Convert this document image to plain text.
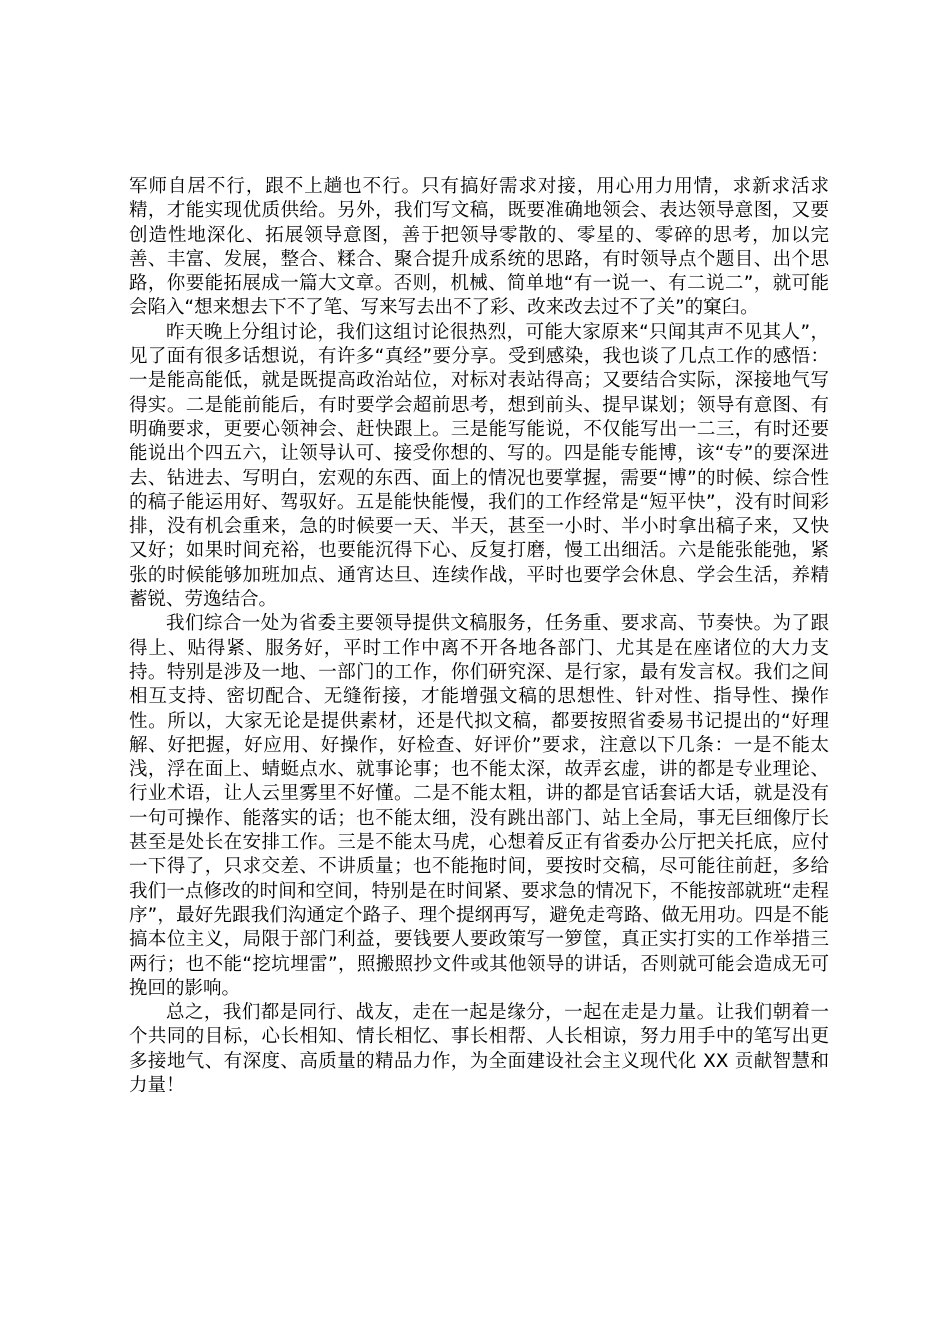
军师自居不行，跟不上趟也不行。只有搞好需求对接，用心用力用情，求新求活求精，才能实现优质供给。另外，我们写文稿，既要准确地领会、表达领导意图，又要创造性地深化、拓展领导意图，善于把领导零散的、零星的、零碎的思考，加以完善、丰富、发展，整合、糅合、聚合提升成系统的思路，有时领导点个题目、出个思路，你要能拓展成一篇大文章。否则，机械、简单地“有一说一、有二说二”，就可能会陷入“想来想去下不了笔、写来写去出不了彩、改来改去过不了关”的窠臼。

昨天晚上分组讨论，我们这组讨论很热烈，可能大家原来“只闻其声不见其人”，见了面有很多话想说，有许多“真经”要分享。受到感染，我也谈了几点工作的感悟：一是能高能低，就是既提高政治站位，对标对表站得高；又要结合实际，深接地气写得实。二是能前能后，有时要学会超前思考，想到前头、提早谋划；领导有意图、有明确要求，更要心领神会、赶快跟上。三是能写能说，不仅能写出一二三，有时还要能说出个四五六，让领导认可、接受你想的、写的。四是能专能博，该“专”的要深进去、钻进去、写明白，宏观的东西、面上的情况也要掌握，需要“博”的时候、综合性的稿子能运用好、驾驭好。五是能快能慢，我们的工作经常是“短平快”，没有时间彩排，没有机会重来，急的时候要一天、半天，甚至一小时、半小时拿出稿子来，又快又好；如果时间充裕，也要能沉得下心、反复打磨，慢工出细活。六是能张能弛，紧张的时候能够加班加点、通宵达旦、连续作战，平时也要学会休息、学会生活，养精蓄锐、劳逸结合。

我们综合一处为省委主要领导提供文稿服务，任务重、要求高、节奏快。为了跟得上、贴得紧、服务好，平时工作中离不开各地各部门、尤其是在座诸位的大力支持。特别是涉及一地、一部门的工作，你们研究深、是行家，最有发言权。我们之间相互支持、密切配合、无缝衔接，才能增强文稿的思想性、针对性、指导性、操作性。所以，大家无论是提供素材，还是代拟文稿，都要按照省委易书记提出的“好理解、好把握，好应用、好操作，好检查、好评价”要求，注意以下几条：一是不能太浅，浮在面上、蜻蜓点水、就事论事；也不能太深，故弄玄虚，讲的都是专业理论、行业术语，让人云里雾里不好懂。二是不能太粗，讲的都是官话套话大话，就是没有一句可操作、能落实的话；也不能太细，没有跳出部门、站上全局，事无巨细像厅长甚至是处长在安排工作。三是不能太马虎，心想着反正有省委办公厅把关托底，应付一下得了，只求交差、不讲质量；也不能拖时间，要按时交稿，尽可能往前赶，多给我们一点修改的时间和空间，特别是在时间紧、要求急的情况下，不能按部就班“走程序”，最好先跟我们沟通定个路子、理个提纲再写，避免走弯路、做无用功。四是不能搞本位主义，局限于部门利益，要钱要人要政策写一箩筐，真正实打实的工作举措三两行；也不能“挖坑埋雷”，照搬照抄文件或其他领导的讲话，否则就可能会造成无可挽回的影响。

总之，我们都是同行、战友，走在一起是缘分，一起在走是力量。让我们朝着一个共同的目标，心长相知、情长相忆、事长相帮、人长相谅，努力用手中的笔写出更多接地气、有深度、高质量的精品力作，为全面建设社会主义现代化 XX 贡献智慧和力量！
